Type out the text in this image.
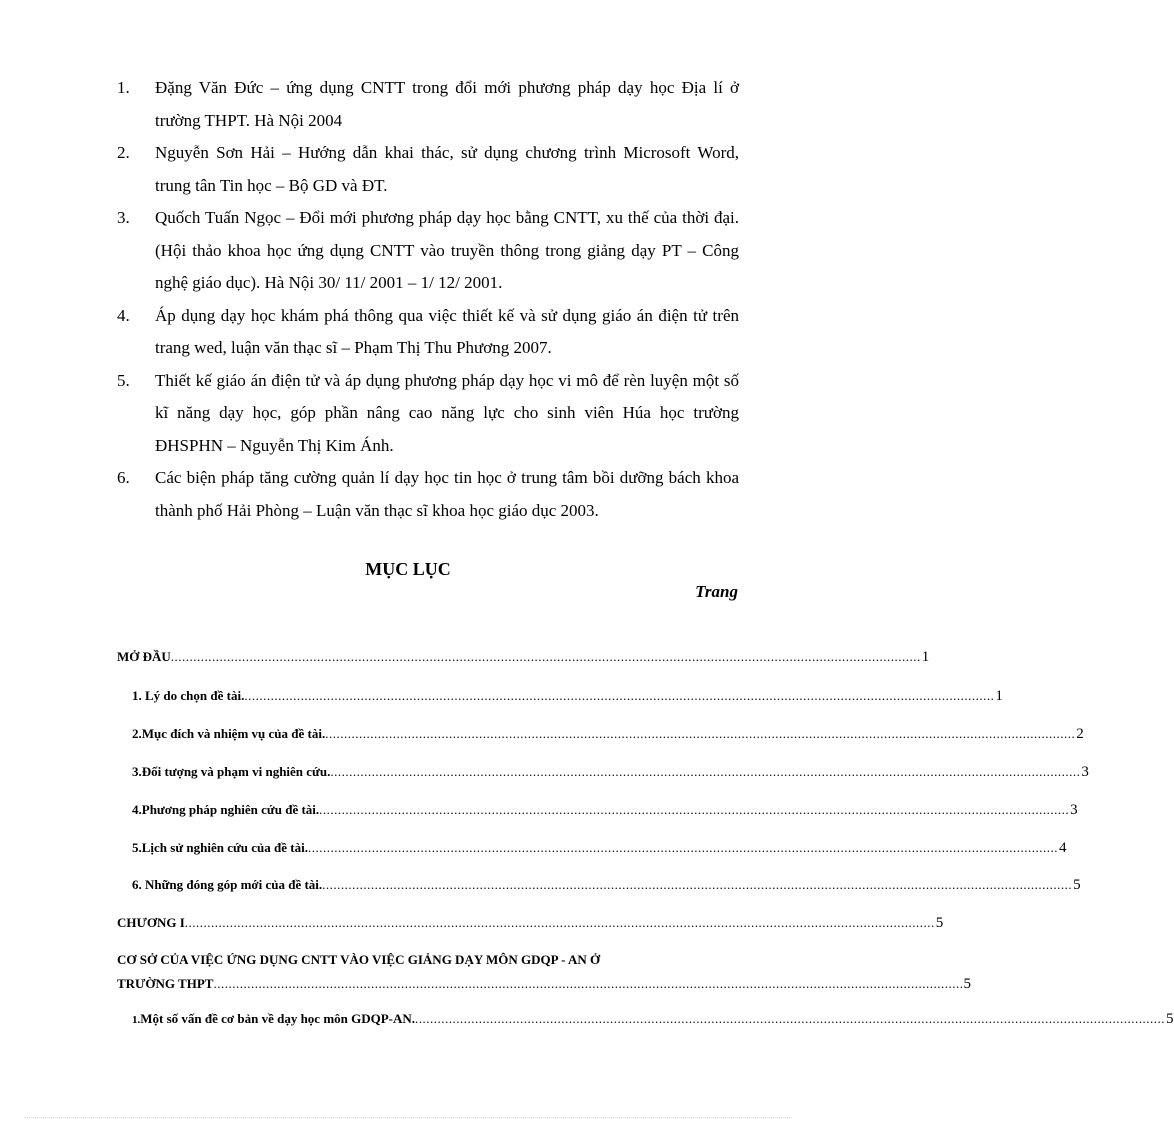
1.	Đặng Văn Đức – ứng dụng CNTT trong đổi mới phương pháp dạy học Địa lí ở trường THPT. Hà Nội 2004
2.	Nguyễn Sơn Hải – Hướng dẫn khai thác, sử dụng chương trình Microsoft Word, trung tân Tin học – Bộ GD và ĐT.
3.	Quốch Tuấn Ngọc – Đổi mới phương pháp dạy học bằng CNTT, xu thế của thời đại. (Hội thảo khoa học ứng dụng CNTT vào truyền thông trong giảng dạy PT – Công nghệ giáo dục). Hà Nội 30/ 11/ 2001 – 1/ 12/ 2001.
4.	Áp dụng dạy học khám phá thông qua việc thiết kế và sử dụng giáo án điện tử trên trang wed, luận văn thạc sĩ – Phạm Thị Thu Phương 2007.
5.	Thiết kế giáo án điện tử và áp dụng phương pháp dạy học vi mô để rèn luyện một số kĩ năng dạy học, góp phần nâng cao năng lực cho sinh viên Húa học trường ĐHSPHN – Nguyễn Thị Kim Ánh.
6.	Các biện pháp tăng cường quản lí dạy học tin học ở trung tâm bồi dưỡng bách khoa thành phố Hải Phòng – Luận văn thạc sĩ khoa học giáo dục 2003.
MỤC LỤC
Trang
MỞ ĐẦU ........................................................................................................................................................................................................ 1
1. Lý do chọn đề tài. ........................................................................................................................................................................................................ 1
2.Mục đích và nhiệm vụ của đề tài. ........................................................................................................................................................................................................ 2
3.Đối tượng và phạm vi nghiên cứu. ........................................................................................................................................................................................................ 3
4.Phương pháp nghiên cứu đề tài. ........................................................................................................................................................................................................ 3
5.Lịch sử nghiên cứu của đề tài. ........................................................................................................................................................................................................ 4
6. Những đóng góp mới của đề tài. ........................................................................................................................................................................................................ 5
CHƯƠNG I ........................................................................................................................................................................................................ 5
CƠ SỞ CỦA VIỆC ỨNG DỤNG CNTT VÀO VIỆC GIẢNG DẠY MÔN GDQP - AN Ở
TRƯỜNG THPT ........................................................................................................................................................................................................ 5
1. Một số vấn đề cơ bản về dạy học môn GDQP-AN. ........................................................................................................................................................................................................ 5
